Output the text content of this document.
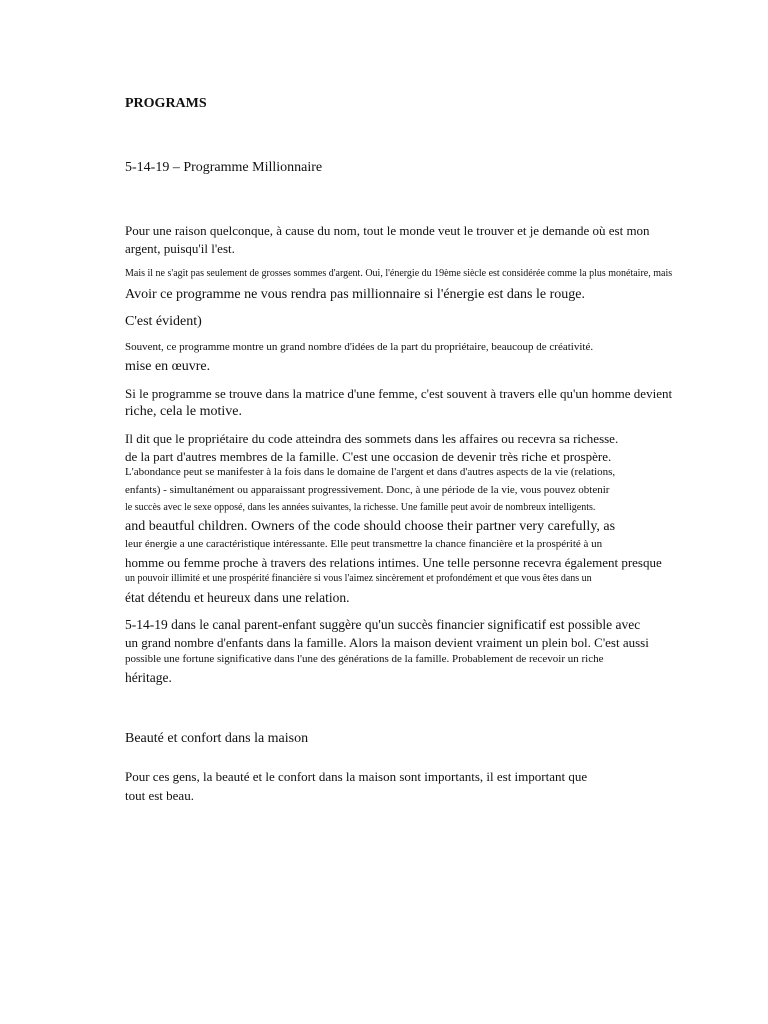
PROGRAMS

5-14-19 – Programme Millionnaire

Pour une raison quelconque, à cause du nom, tout le monde veut le trouver et je demande où est mon

argent, puisqu'il l'est.

Mais il ne s'agit pas seulement de grosses sommes d'argent. Oui, l'énergie du 19ème siècle est considérée comme la plus monétaire, mais

Avoir ce programme ne vous rendra pas millionnaire si l'énergie est dans le rouge.

C'est évident)

Souvent, ce programme montre un grand nombre d'idées de la part du propriétaire, beaucoup de créativité.

mise en œuvre.

Si le programme se trouve dans la matrice d'une femme, c'est souvent à travers elle qu'un homme devient

riche, cela le motive.

Il dit que le propriétaire du code atteindra des sommets dans les affaires ou recevra sa richesse.

de la part d'autres membres de la famille. C'est une occasion de devenir très riche et prospère.

L'abondance peut se manifester à la fois dans le domaine de l'argent et dans d'autres aspects de la vie (relations,

enfants) - simultanément ou apparaissant progressivement. Donc, à une période de la vie, vous pouvez obtenir

le succès avec le sexe opposé, dans les années suivantes, la richesse. Une famille peut avoir de nombreux intelligents.

and beautful children. Owners of the code should choose their partner very carefully, as

leur énergie a une caractéristique intéressante. Elle peut transmettre la chance financière et la prospérité à un

homme ou femme proche à travers des relations intimes. Une telle personne recevra également presque

un pouvoir illimité et une prospérité financière si vous l'aimez sincèrement et profondément et que vous êtes dans un

état détendu et heureux dans une relation.

5-14-19 dans le canal parent-enfant suggère qu'un succès financier significatif est possible avec

un grand nombre d'enfants dans la famille. Alors la maison devient vraiment un plein bol. C'est aussi

possible une fortune significative dans l'une des générations de la famille. Probablement de recevoir un riche

héritage.

Beauté et confort dans la maison

Pour ces gens, la beauté et le confort dans la maison sont importants, il est important que

tout est beau.
